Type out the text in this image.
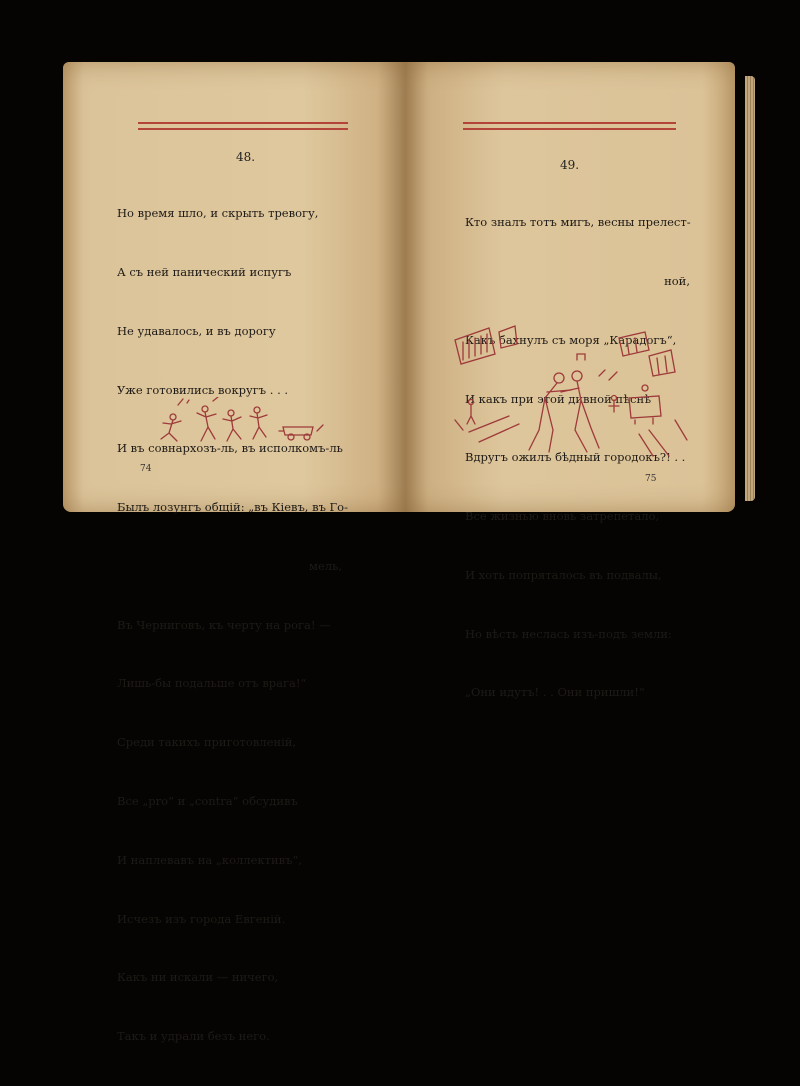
48.

Но время шло, и скрыть тревогу,

А съ ней панический испугъ

Не удавалось, и въ дорогу

Уже готовились вокругъ . . .

И въ совнархозъ-ль, въ исполкомъ-ль

Былъ лозунгъ общій: „въ Кіевъ, въ Го-

мель,

Въ Черниговъ, къ черту на рога! —

Лишь-бы подальше отъ врага!“

Среди такихъ приготовленій,

Все „pro“ и „contra“ обсудивъ

И наплевавъ на „коллективъ“,

Исчезъ изъ города Евгеній.

Какъ ни искали — ничего,

Такъ и удрали безъ него.

74
49.

Кто зналъ тотъ мигъ, весны прелест-

ной,

Какъ бахнулъ съ моря „Карадогъ“,

И какъ при этой дивной пѣснѣ

Вдругъ ожилъ бѣдный городокъ?! . .

Все жизнью вновь затрепетало,

И хоть попряталось въ подвалы,

Но вѣсть неслась изъ-подъ земли:

„Они идутъ! . . Они пришли!“

75
